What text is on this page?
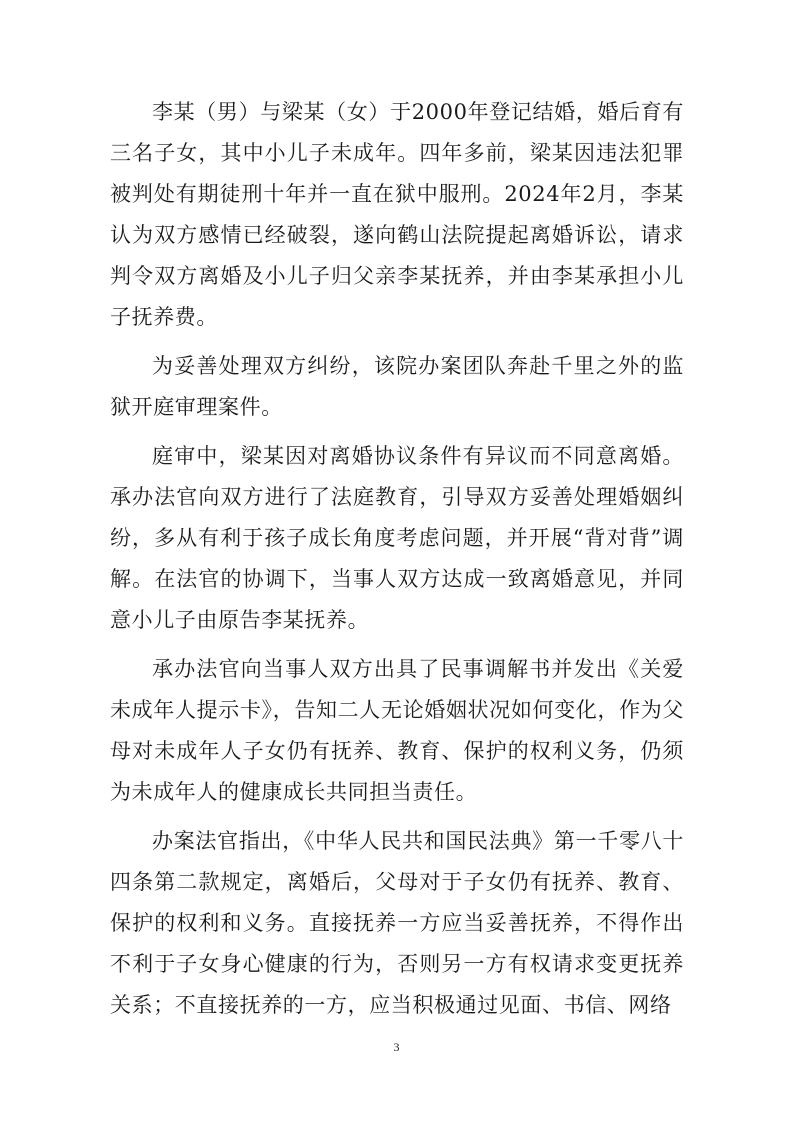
李某（男）与梁某（女）于2000年登记结婚，婚后育有三名子女，其中小儿子未成年。四年多前，梁某因违法犯罪被判处有期徒刑十年并一直在狱中服刑。2024年2月，李某认为双方感情已经破裂，遂向鹤山法院提起离婚诉讼，请求判令双方离婚及小儿子归父亲李某抚养，并由李某承担小儿子抚养费。

为妥善处理双方纠纷，该院办案团队奔赴千里之外的监狱开庭审理案件。

庭审中，梁某因对离婚协议条件有异议而不同意离婚。承办法官向双方进行了法庭教育，引导双方妥善处理婚姻纠纷，多从有利于孩子成长角度考虑问题，并开展“背对背”调解。在法官的协调下，当事人双方达成一致离婚意见，并同意小儿子由原告李某抚养。

承办法官向当事人双方出具了民事调解书并发出《关爱未成年人提示卡》，告知二人无论婚姻状况如何变化，作为父母对未成年人子女仍有抚养、教育、保护的权利义务，仍须为未成年人的健康成长共同担当责任。

办案法官指出，《中华人民共和国民法典》第一千零八十四条第二款规定，离婚后，父母对于子女仍有抚养、教育、保护的权利和义务。直接抚养一方应当妥善抚养，不得作出不利于子女身心健康的行为，否则另一方有权请求变更抚养关系；不直接抚养的一方，应当积极通过见面、书信、网络

3
